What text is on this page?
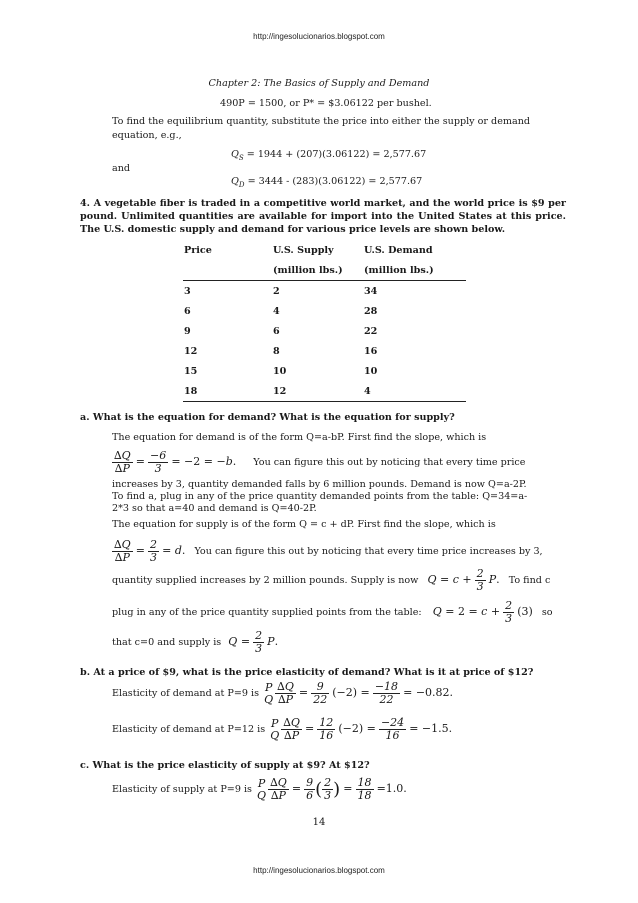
http://ingesolucionarios.blogspot.com
Chapter 2: The Basics of Supply and Demand
490P = 1500, or P* = $3.06122 per bushel.
To find the equilibrium quantity, substitute the price into either the supply or demand
equation, e.g.,
$Q_S = 1944 + (207)(3.06122) = 2,577.67$
and
$Q_D = 3444 - (283)(3.06122) = 2,577.67$
4. A vegetable fiber is traded in a competitive world market, and the world price is $9 per pound. Unlimited quantities are available for import into the United States at this price. The U.S. domestic supply and demand for various price levels are shown below.
Price	U.S. Supply	U.S. Demand
	(million lbs.)	(million lbs.)
3	2	34
6	4	28
9	6	22
12	8	16
15	10	10
18	12	4
a. What is the equation for demand? What is the equation for supply?
The equation for demand is of the form Q=a-bP. First find the slope, which is
$\frac{\Delta Q}{\Delta P} = \frac{-6}{3} = -2 = -b$. You can figure this out by noticing that every time price
increases by 3, quantity demanded falls by 6 million pounds. Demand is now Q=a-2P. To find a, plug in any of the price quantity demanded points from the table: Q=34=a-2*3 so that a=40 and demand is Q=40-2P.
The equation for supply is of the form Q = c + dP. First find the slope, which is
$\frac{\Delta Q}{\Delta P} = \frac{2}{3} = d$. You can figure this out by noticing that every time price increases by 3,
quantity supplied increases by 2 million pounds. Supply is now $Q = c + \frac{2}{3} P$. To find c
plug in any of the price quantity supplied points from the table: $Q = 2 = c + \frac{2}{3} (3)$ so
that c=0 and supply is $Q = \frac{2}{3} P$.
b. At a price of $9, what is the price elasticity of demand? What is it at price of $12?
Elasticity of demand at P=9 is P
Q $\frac{\Delta Q}{\Delta P} = \frac{9}{22} (-2) = \frac{-18}{22} = -0.82$.
Elasticity of demand at P=12 is P
Q $\frac{\Delta Q}{\Delta P} = \frac{12}{16} (-2) = \frac{-24}{16} = -1.5$.
c. What is the price elasticity of supply at $9? At $12?
Elasticity of supply at P=9 is P
Q $\frac{\Delta Q}{\Delta P} = \frac{9}{6}$ ( $\frac{2}{3}$ ) = $\frac{18}{18} =1.0$.
14
http://ingesolucionarios.blogspot.com
